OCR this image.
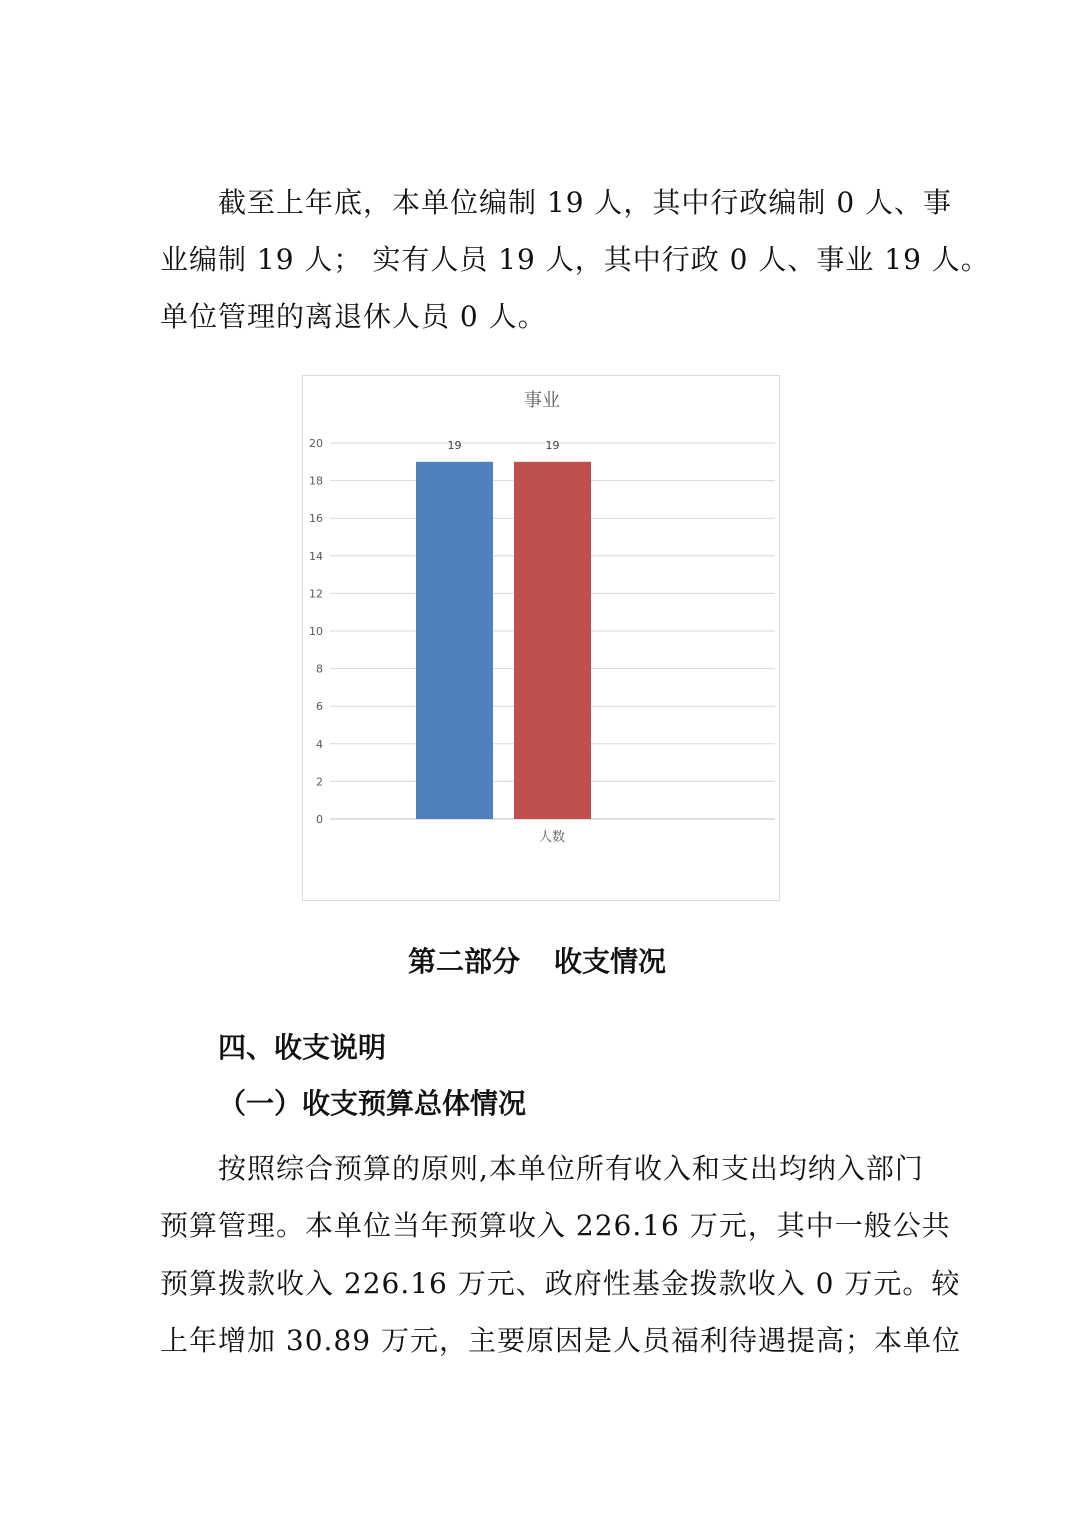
截至上年底，本单位编制 19 人，其中行政编制 0 人、事
业编制 19 人； 实有人员 19 人，其中行政 0 人、事业 19 人。
单位管理的离退休人员 0 人。
事业
0
2
4
6
8
10
12
14
16
18
20	19	19
人数
第二部分 收支情况
四、收支说明
（一）收支预算总体情况
按照综合预算的原则,本单位所有收入和支出均纳入部门
预算管理。本单位当年预算收入 226.16 万元，其中一般公共
预算拨款收入 226.16 万元、政府性基金拨款收入 0 万元。较
上年增加 30.89 万元，主要原因是人员福利待遇提高；本单位
